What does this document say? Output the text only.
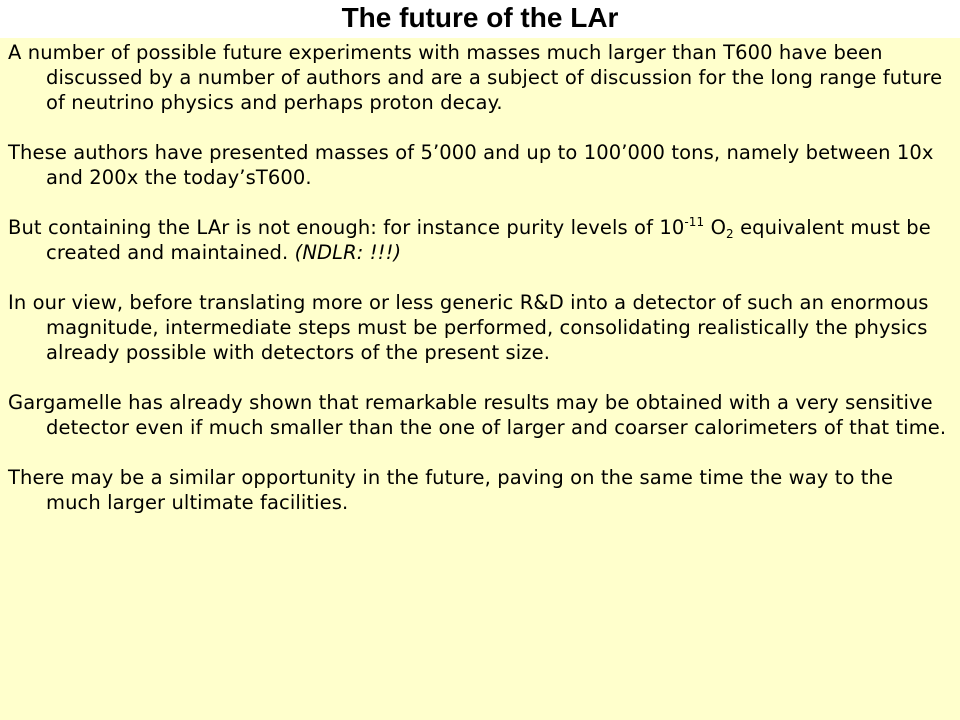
The future of the LAr

A number of possible future experiments with masses much larger than T600 have been discussed by a number of authors and are a subject of discussion for the long range future of neutrino physics and perhaps proton decay.

These authors have presented masses of 5’000 and up to 100’000 tons, namely between 10x and 200x the today’sT600.

But containing the LAr is not enough: for instance purity levels of $10^{-11}$ $O_2$ equivalent must be created and maintained. (NDLR: !!!)

In our view, before translating more or less generic R&D into a detector of such an enormous magnitude, intermediate steps must be performed, consolidating realistically the physics already possible with detectors of the present size.

Gargamelle has already shown that remarkable results may be obtained with a very sensitive detector even if much smaller than the one of larger and coarser calorimeters of that time.

There may be a similar opportunity in the future, paving on the same time the way to the much larger ultimate facilities.
